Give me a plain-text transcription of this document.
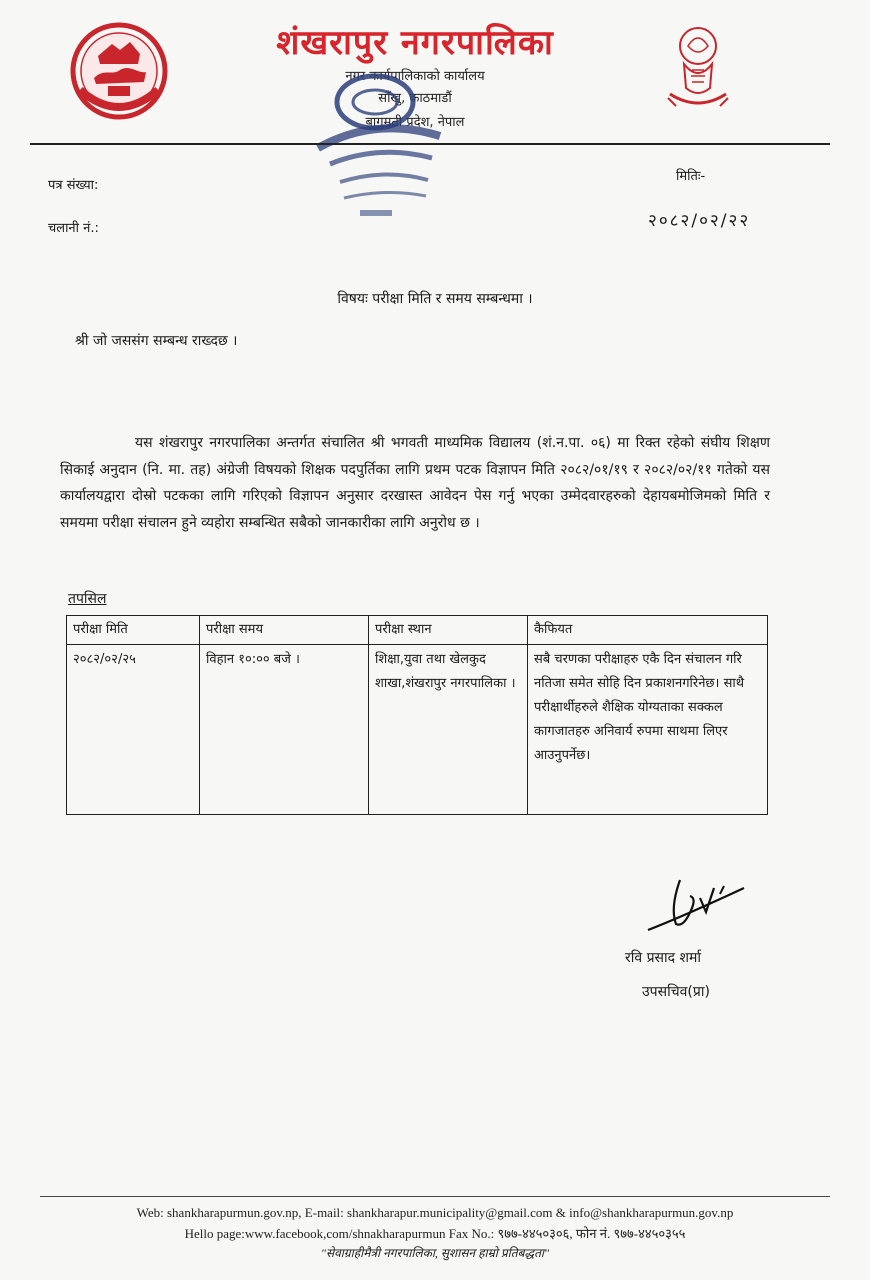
शंखरापुर नगरपालिका
नगर कार्यपालिकाको कार्यालय
साँखु, काठमाडौं
बागमती प्रदेश, नेपाल
पत्र संख्या:
चलानी नं.:
मितिः-
२०८२/०२/२२
विषयः परीक्षा मिति र समय सम्बन्धमा ।
श्री जो जससंग सम्बन्ध राख्दछ ।
यस शंखरापुर नगरपालिका अन्तर्गत संचालित श्री भगवती माध्यमिक विद्यालय (शं.न.पा. ०६) मा रिक्त रहेको संघीय शिक्षण सिकाई अनुदान (नि. मा. तह) अंग्रेजी विषयको शिक्षक पदपुर्तिका लागि प्रथम पटक विज्ञापन मिति २०८२/०१/१९ र २०८२/०२/११ गतेको यस कार्यालयद्वारा दोस्रो पटकका लागि गरिएको विज्ञापन अनुसार दरखास्त आवेदन पेस गर्नु भएका उम्मेदवारहरुको देहायबमोजिमको मिति र समयमा परीक्षा संचालन हुने व्यहोरा सम्बन्धित सबैको जानकारीका लागि अनुरोध छ ।
तपसिल
परीक्षा मिति	परीक्षा समय	परीक्षा स्थान	कैफियत
२०८२/०२/२५	विहान १०:०० बजे ।	शिक्षा,युवा तथा खेलकुद शाखा,शंखरापुर नगरपालिका ।	सबै चरणका परीक्षाहरु एकै दिन संचालन गरि नतिजा समेत सोहि दिन प्रकाशनगरिनेछ। साथै परीक्षार्थीहरुले शैक्षिक योग्यताका सक्कल कागजातहरु अनिवार्य रुपमा साथमा लिएर आउनुपर्नेछ।
रवि प्रसाद शर्मा
उपसचिव(प्रा)
Web: shankharapurmun.gov.np, E-mail: shankharapur.municipality@gmail.com & info@shankharapurmun.gov.np
Hello page:www.facebook,com/shnakharapurmun Fax No.: ९७७-४४५०३०६, फोन नं. ९७७-४४५०३५५
"सेवाग्राहीमैत्री नगरपालिका, सुशासन हाम्रो प्रतिबद्धता"
